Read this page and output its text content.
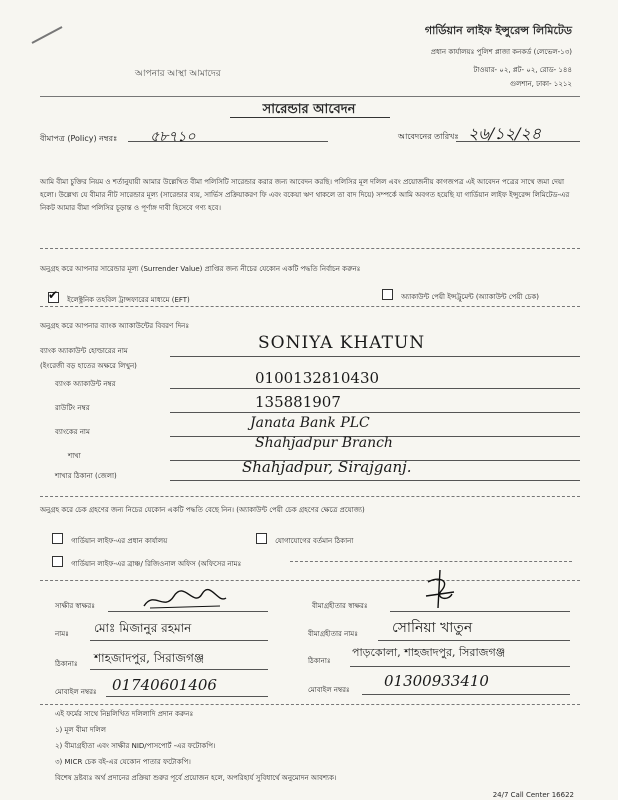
গার্ডিয়ান লাইফ ইন্সুরেন্স লিমিটেড
প্রধান কার্যালয়ঃ পুলিশ প্লাজা কনকর্ড (লেভেল-১৩)
টাওয়ার- ০২, প্লট- ০২, রোড- ১৪৪
গুলশান, ঢাকা- ১২১২
আপনার আস্থা আমাদের
সারেন্ডার আবেদন
বীমাপত্র (Policy) নম্বরঃ ৫৮৭১০	আবেদনের তারিখঃ ২৬/১২/২৪
আমি বীমা চুক্তির নিয়ম ও শর্তানুযায়ী আমার উল্লেখিত বীমা পলিসিটি সারেন্ডার করার জন্য আবেদন করছি। পলিসির মূল দলিল এবং প্রয়োজনীয় কাগজপত্র এই আবেদন পত্রের সাথে জমা দেয়া হলো। উল্লেখ্য যে বীমার নীট সারেন্ডার মূল্য (সারেন্ডার ব্যয়, সার্ভিস প্রক্রিয়াকরণ ফি এবং বকেয়া ঋণ থাকলে তা বাদ দিয়ে) সম্পর্কে আমি অবগত হয়েছি যা গার্ডিয়ান লাইফ ইন্সুরেন্স লিমিটেড-এর নিকট আমার বীমা পলিসির চূড়ান্ত ও পূর্ণাঙ্গ দাবী হিসেবে গণ্য হবে।
অনুগ্রহ করে আপনার সারেন্ডার মূল্য (Surrender Value) প্রাপ্তির জন্য নীচের যেকোন একটি পদ্ধতি নির্বাচন করুনঃ
✔ ইলেক্ট্রনিক তহবিল ট্রান্সফারের মাধ্যমে (EFT)	অ্যাকাউন্ট পেয়ী ইন্সট্রুমেন্ট (অ্যাকাউন্ট পেয়ী চেক)
অনুগ্রহ করে আপনার ব্যাংক অ্যাকাউন্টের বিবরণ দিনঃ
ব্যাংক অ্যাকাউন্ট হোল্ডারের নাম
(ইংরেজী বড় হাতের অক্ষরে লিখুন)
SONIYA KHATUN
ব্যাংক অ্যাকাউন্ট নম্বর	0100132810430
রাউটিং নম্বর	135881907
ব্যাংকের নাম
Janata Bank PLC
শাখা
Shahjadpur Branch
শাখার ঠিকানা (জেলা)	Shahjadpur, Sirajganj.
অনুগ্রহ করে চেক গ্রহণের জন্য নিচের যেকোন একটি পদ্ধতি বেছে নিন। (অ্যাকাউন্ট পেয়ী চেক গ্রহণের ক্ষেত্রে প্রযোজ্য)
গার্ডিয়ান লাইফ-এর প্রধান কার্যালয়	যোগাযোগের বর্তমান ঠিকানা
গার্ডিয়ান লাইফ-এর ব্রাঞ্চ/ রিজিওনাল অফিস (অফিসের নামঃ
সাক্ষীর স্বাক্ষরঃ	বীমাগ্রহীতার স্বাক্ষরঃ
নামঃ মোঃ মিজানুর রহমান	বীমাগ্রহীতার নামঃ সোনিয়া খাতুন
ঠিকানাঃ শাহজাদপুর, সিরাজগঞ্জ	ঠিকানাঃ
পাড়কোলা, শাহজাদপুর, সিরাজগঞ্জ
মোবাইল নম্বরঃ 01740601406	মোবাইল নম্বরঃ 01300933410
এই ফর্মের সাথে নিম্নলিখিত দলিলাদি প্রদান করুনঃ
১) মূল বীমা দলিল
২) বীমাগ্রহীতা এবং সাক্ষীর NID/পাসপোর্ট -এর ফটোকপি।
৩) MICR চেক বই-এর যেকোন পাতার ফটোকপি।
বিশেষ দ্রষ্টব্যঃ অর্থ প্রদানের প্রক্রিয়া শুরুর পূর্বে প্রয়োজন হলে, অপরিহার্য সুবিধার্থে অনুমোদন আবশ্যক।
24/7 Call Center 16622
